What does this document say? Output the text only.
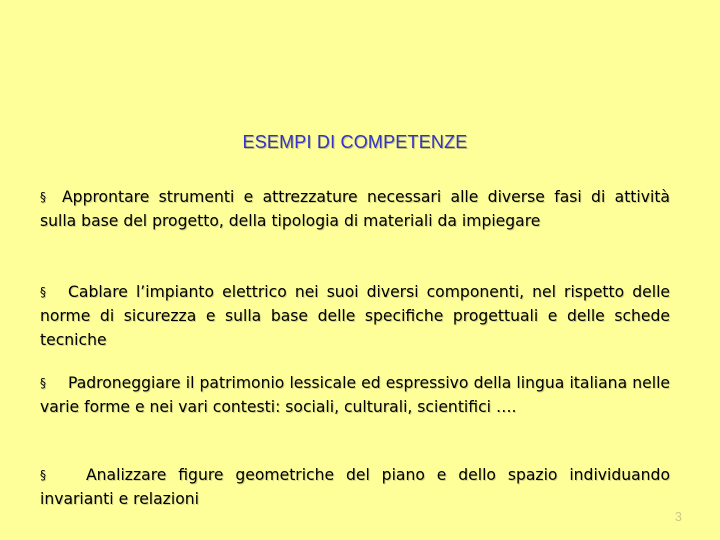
ESEMPI DI COMPETENZE
§ Approntare strumenti e attrezzature necessari alle diverse fasi di attività sulla base del progetto, della tipologia di materiali da impiegare
§ Cablare l’impianto elettrico nei suoi diversi componenti, nel rispetto delle norme di sicurezza e sulla base delle specifiche progettuali e delle schede tecniche
§ Padroneggiare il patrimonio lessicale ed espressivo della lingua italiana nelle varie forme e nei vari contesti: sociali, culturali, scientifici ….
§	Analizzare figure geometriche del piano e dello spazio individuando invarianti e relazioni
3
